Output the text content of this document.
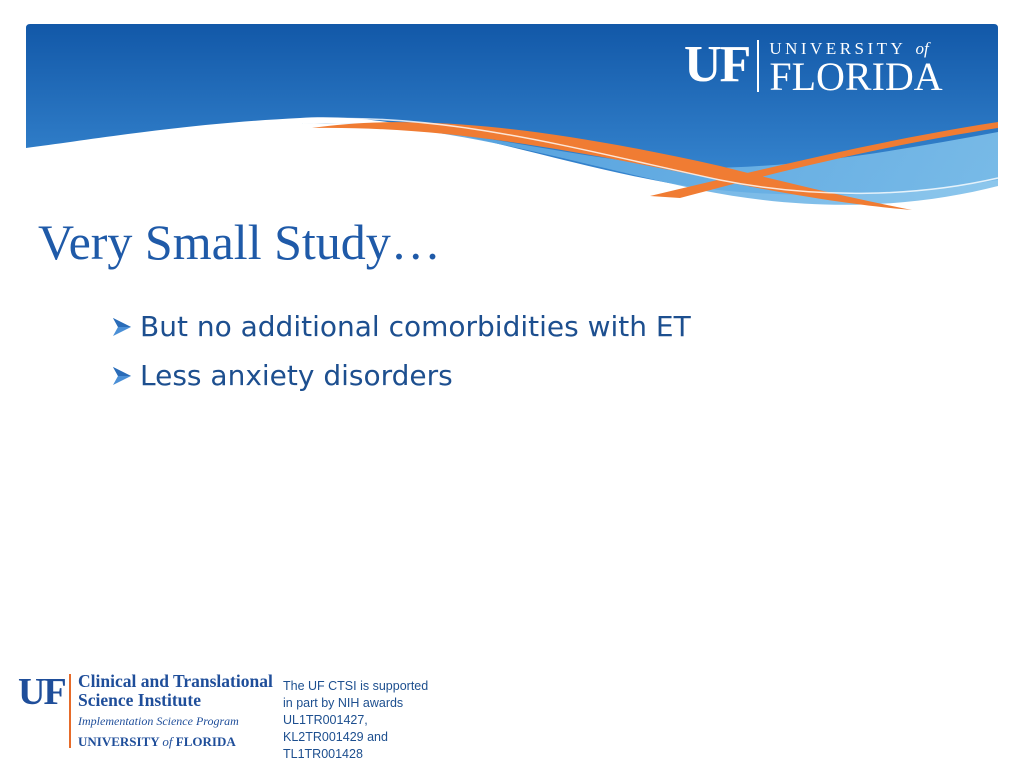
UF UNIVERSITY of
FLORIDA
Very Small Study…
But no additional comorbidities with ET
Less anxiety disorders
UF Clinical and Translational
Science Institute
Implementation Science Program
UNIVERSITY of FLORIDA
The UF CTSI is supported
in part by NIH awards
UL1TR001427,
KL2TR001429 and
TL1TR001428
